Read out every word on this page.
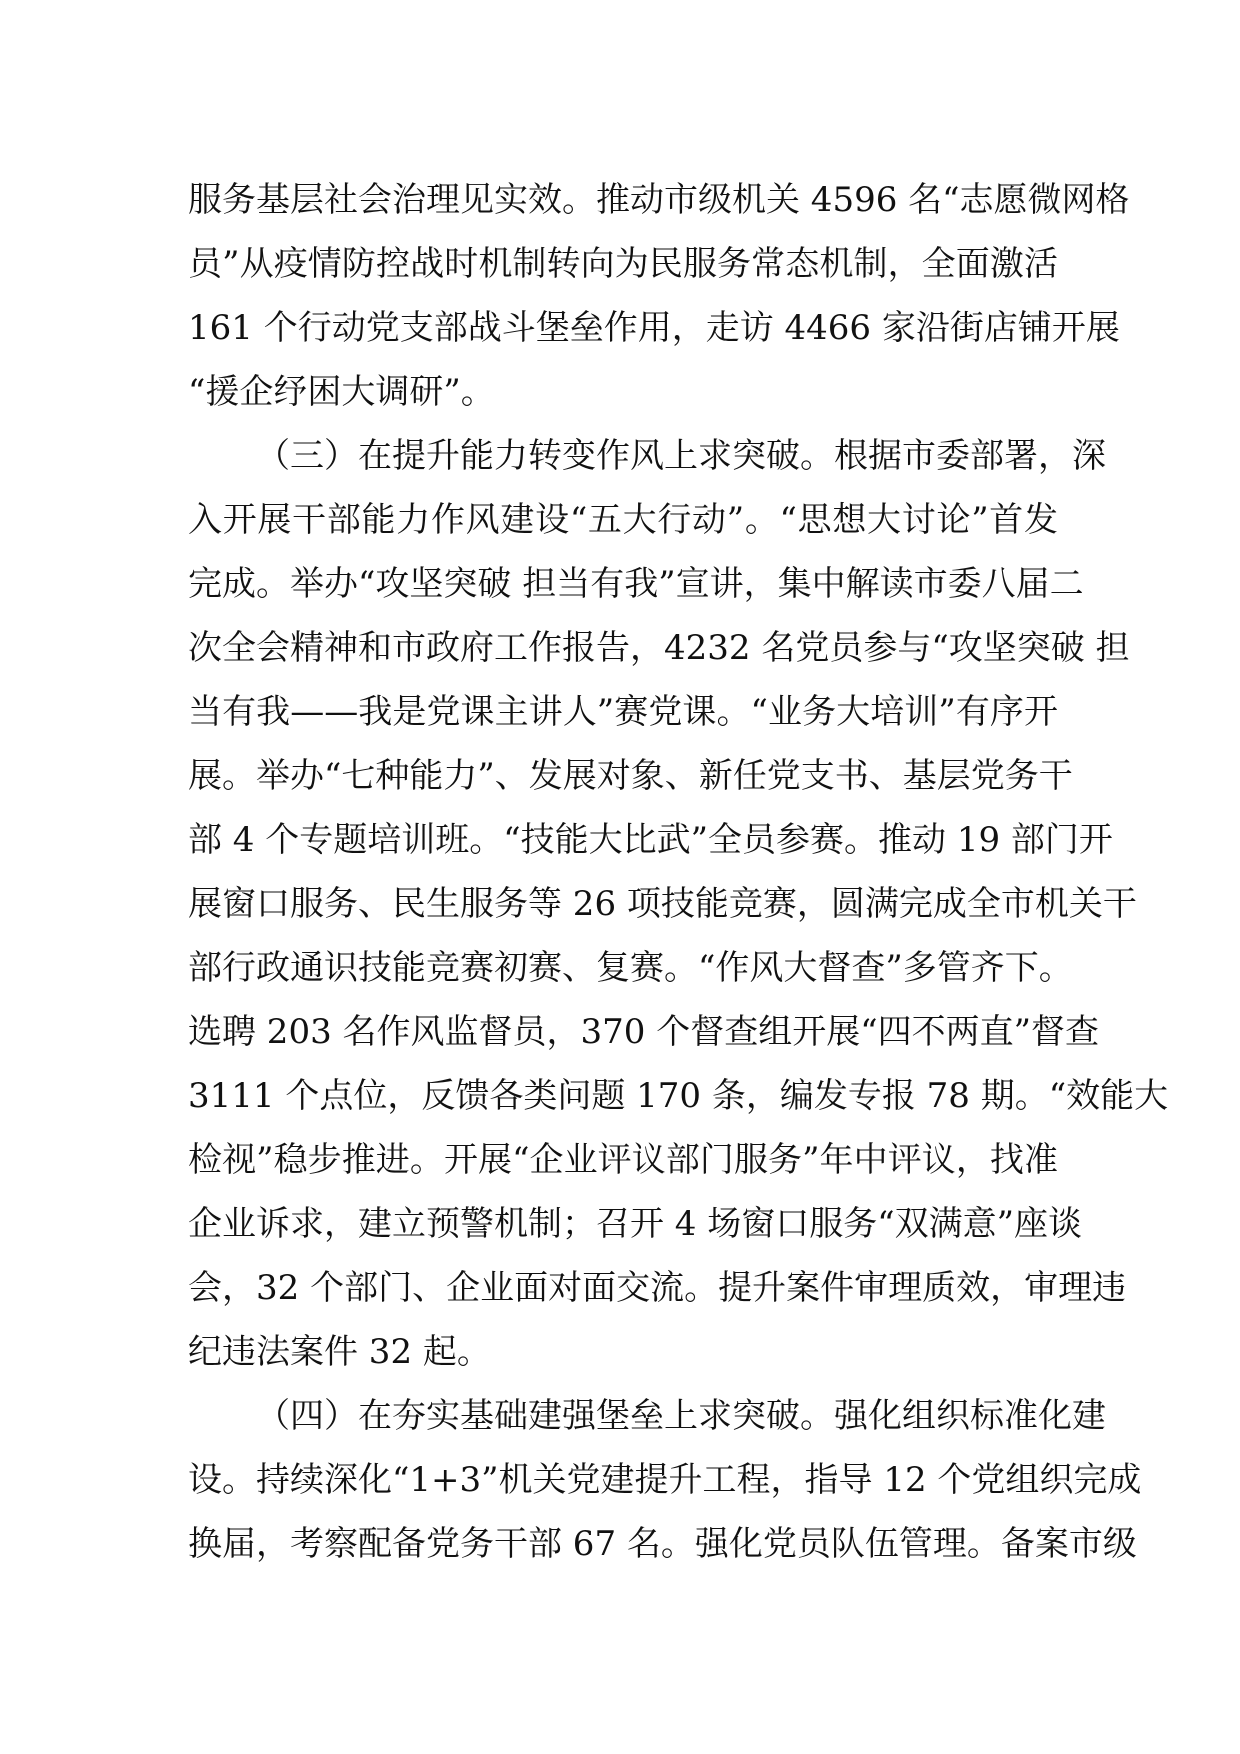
服务基层社会治理见实效。推动市级机关 4596 名“志愿微网格
员”从疫情防控战时机制转向为民服务常态机制，全面激活
161 个行动党支部战斗堡垒作用，走访 4466 家沿街店铺开展
“援企纾困大调研”。
（三）在提升能力转变作风上求突破。根据市委部署，深
入开展干部能力作风建设“五大行动”。“思想大讨论”首发
完成。举办“攻坚突破 担当有我”宣讲，集中解读市委八届二
次全会精神和市政府工作报告，4232 名党员参与“攻坚突破 担
当有我——我是党课主讲人”赛党课。“业务大培训”有序开
展。举办“七种能力”、发展对象、新任党支书、基层党务干
部 4 个专题培训班。“技能大比武”全员参赛。推动 19 部门开
展窗口服务、民生服务等 26 项技能竞赛，圆满完成全市机关干
部行政通识技能竞赛初赛、复赛。“作风大督查”多管齐下。
选聘 203 名作风监督员，370 个督查组开展“四不两直”督查
3111 个点位，反馈各类问题 170 条，编发专报 78 期。“效能大
检视”稳步推进。开展“企业评议部门服务”年中评议，找准
企业诉求，建立预警机制；召开 4 场窗口服务“双满意”座谈
会，32 个部门、企业面对面交流。提升案件审理质效，审理违
纪违法案件 32 起。
（四）在夯实基础建强堡垒上求突破。强化组织标准化建
设。持续深化“1+3”机关党建提升工程，指导 12 个党组织完成
换届，考察配备党务干部 67 名。强化党员队伍管理。备案市级
